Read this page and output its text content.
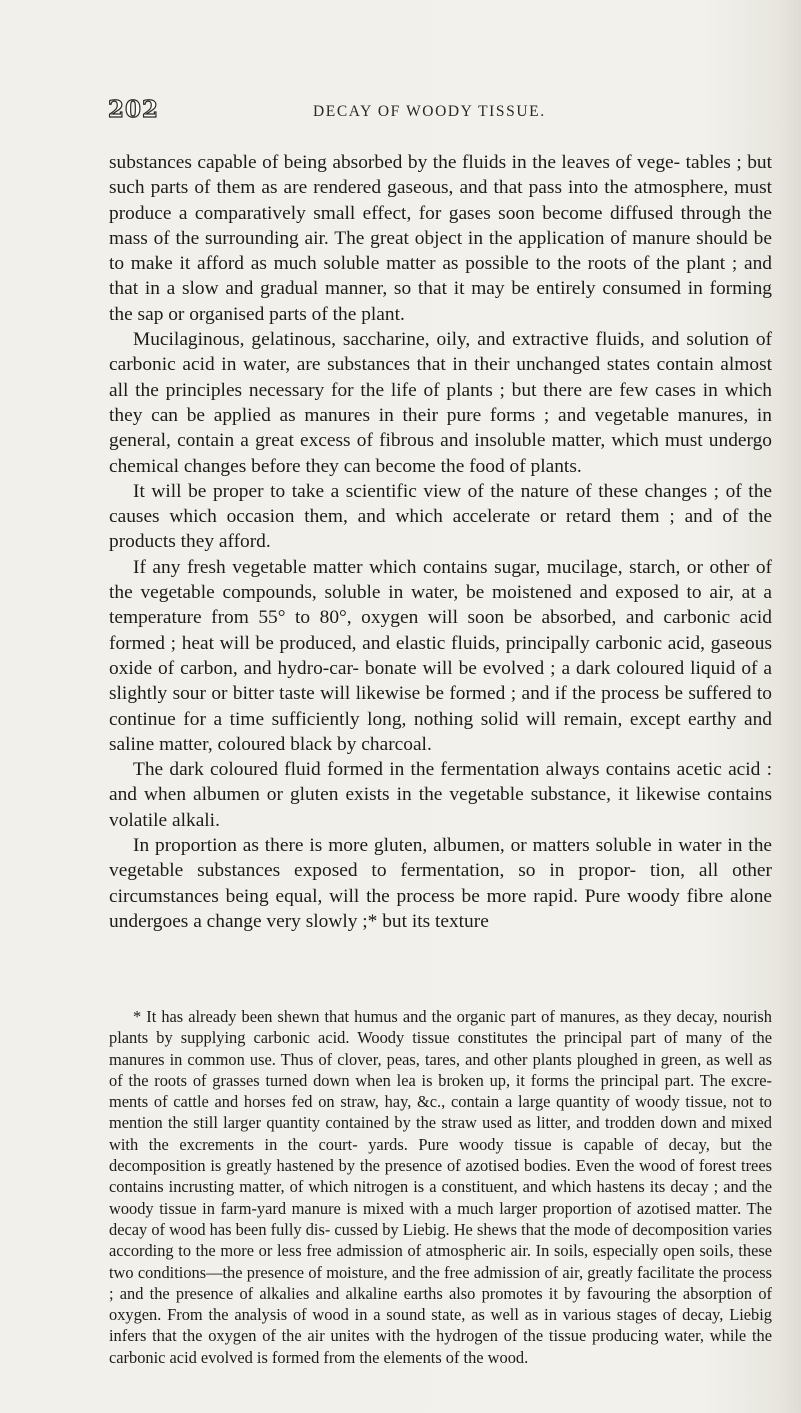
202	DECAY OF WOODY TISSUE.

substances capable of being absorbed by the fluids in the leaves of vege- tables ; but such parts of them as are rendered gaseous, and that pass into the atmosphere, must produce a comparatively small effect, for gases soon become diffused through the mass of the surrounding air. The great object in the application of manure should be to make it afford as much soluble matter as possible to the roots of the plant ; and that in a slow and gradual manner, so that it may be entirely consumed in forming the sap or organised parts of the plant.

Mucilaginous, gelatinous, saccharine, oily, and extractive fluids, and solution of carbonic acid in water, are substances that in their unchanged states contain almost all the principles necessary for the life of plants ; but there are few cases in which they can be applied as manures in their pure forms ; and vegetable manures, in general, contain a great excess of fibrous and insoluble matter, which must undergo chemical changes before they can become the food of plants.

It will be proper to take a scientific view of the nature of these changes ; of the causes which occasion them, and which accelerate or retard them ; and of the products they afford.

If any fresh vegetable matter which contains sugar, mucilage, starch, or other of the vegetable compounds, soluble in water, be moistened and exposed to air, at a temperature from 55° to 80°, oxygen will soon be absorbed, and carbonic acid formed ; heat will be produced, and elastic fluids, principally carbonic acid, gaseous oxide of carbon, and hydro-car- bonate will be evolved ; a dark coloured liquid of a slightly sour or bitter taste will likewise be formed ; and if the process be suffered to continue for a time sufficiently long, nothing solid will remain, except earthy and saline matter, coloured black by charcoal.

The dark coloured fluid formed in the fermentation always contains acetic acid : and when albumen or gluten exists in the vegetable substance, it likewise contains volatile alkali.

In proportion as there is more gluten, albumen, or matters soluble in water in the vegetable substances exposed to fermentation, so in propor- tion, all other circumstances being equal, will the process be more rapid. Pure woody fibre alone undergoes a change very slowly ;* but its texture

* It has already been shewn that humus and the organic part of manures, as they decay, nourish plants by supplying carbonic acid. Woody tissue constitutes the principal part of many of the manures in common use. Thus of clover, peas, tares, and other plants ploughed in green, as well as of the roots of grasses turned down when lea is broken up, it forms the principal part. The excre- ments of cattle and horses fed on straw, hay, &c., contain a large quantity of woody tissue, not to mention the still larger quantity contained by the straw used as litter, and trodden down and mixed with the excrements in the court- yards. Pure woody tissue is capable of decay, but the decomposition is greatly hastened by the presence of azotised bodies. Even the wood of forest trees contains incrusting matter, of which nitrogen is a constituent, and which hastens its decay ; and the woody tissue in farm-yard manure is mixed with a much larger proportion of azotised matter. The decay of wood has been fully dis- cussed by Liebig. He shews that the mode of decomposition varies according to the more or less free admission of atmospheric air. In soils, especially open soils, these two conditions—the presence of moisture, and the free admission of air, greatly facilitate the process ; and the presence of alkalies and alkaline earths also promotes it by favouring the absorption of oxygen. From the analysis of wood in a sound state, as well as in various stages of decay, Liebig infers that the oxygen of the air unites with the hydrogen of the tissue producing water, while the carbonic acid evolved is formed from the elements of the wood.
